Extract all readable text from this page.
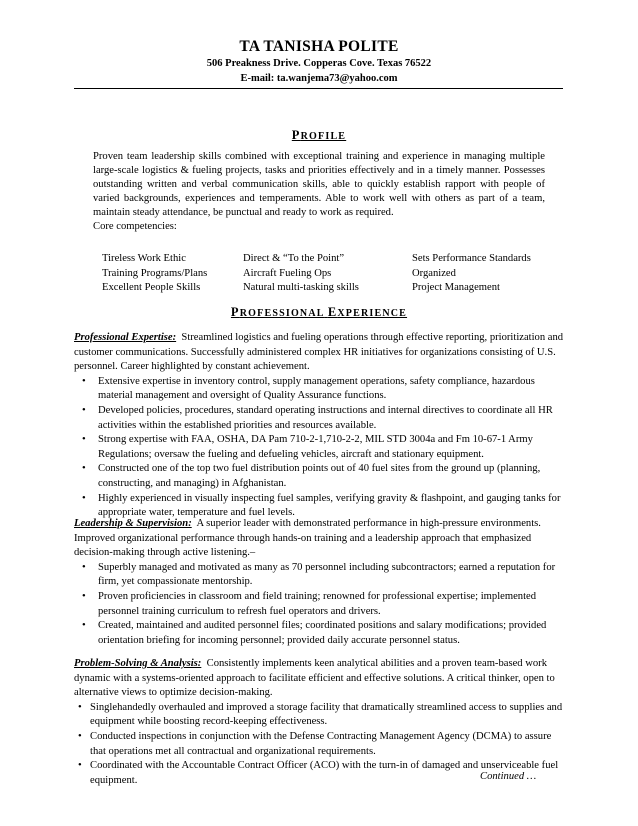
TA TANISHA POLITE
506 Preakness Drive. Copperas Cove. Texas 76522
E-mail: ta.wanjema73@yahoo.com
PROFILE

Proven team leadership skills combined with exceptional training and experience in managing multiple large-scale logistics & fueling projects, tasks and priorities effectively and in a timely manner. Possesses outstanding written and verbal communication skills, able to quickly establish rapport with people of varied backgrounds, experiences and temperaments. Able to work well with others as part of a team, maintain steady attendance, be punctual and ready to work as required.

Core competencies:

Tireless Work Ethic
Training Programs/Plans
Excellent People Skills
Direct & “To the Point”
Aircraft Fueling Ops
Natural multi-tasking skills
Sets Performance Standards
Organized
Project Management
PROFESSIONAL EXPERIENCE

Professional Expertise: Streamlined logistics and fueling operations through effective reporting, prioritization and customer communications. Successfully administered complex HR initiatives for organizations consisting of U.S. personnel. Career highlighted by constant achievement.

• Extensive expertise in inventory control, supply management operations, safety compliance, hazardous material management and oversight of Quality Assurance functions.
• Developed policies, procedures, standard operating instructions and internal directives to coordinate all HR activities within the established priorities and resources available.
• Strong expertise with FAA, OSHA, DA Pam 710-2-1,710-2-2, MIL STD 3004a and Fm 10-67-1 Army Regulations; oversaw the fueling and defueling vehicles, aircraft and stationary equipment.
• Constructed one of the top two fuel distribution points out of 40 fuel sites from the ground up (planning, constructing, and managing) in Afghanistan.
• Highly experienced in visually inspecting fuel samples, verifying gravity & flashpoint, and gauging tanks for appropriate water, temperature and fuel levels.

Leadership & Supervision: A superior leader with demonstrated performance in high-pressure environments. Improved organizational performance through hands-on training and a leadership approach that emphasized decision-making through active listening.–

• Superbly managed and motivated as many as 70 personnel including subcontractors; earned a reputation for firm, yet compassionate mentorship.
• Proven proficiencies in classroom and field training; renowned for professional expertise; implemented personnel training curriculum to refresh fuel operators and drivers.
• Created, maintained and audited personnel files; coordinated positions and salary modifications; provided orientation briefing for incoming personnel; provided daily accurate personnel status.

Problem-Solving & Analysis: Consistently implements keen analytical abilities and a proven team-based work dynamic with a systems-oriented approach to facilitate efficient and effective solutions. A critical thinker, open to alternative views to optimize decision-making.

• Singlehandedly overhauled and improved a storage facility that dramatically streamlined access to supplies and equipment while boosting record-keeping effectiveness.
• Conducted inspections in conjunction with the Defense Contracting Management Agency (DCMA) to assure that operations met all contractual and organizational requirements.
• Coordinated with the Accountable Contract Officer (ACO) with the turn-in of damaged and unserviceable fuel equipment.	Continued …
